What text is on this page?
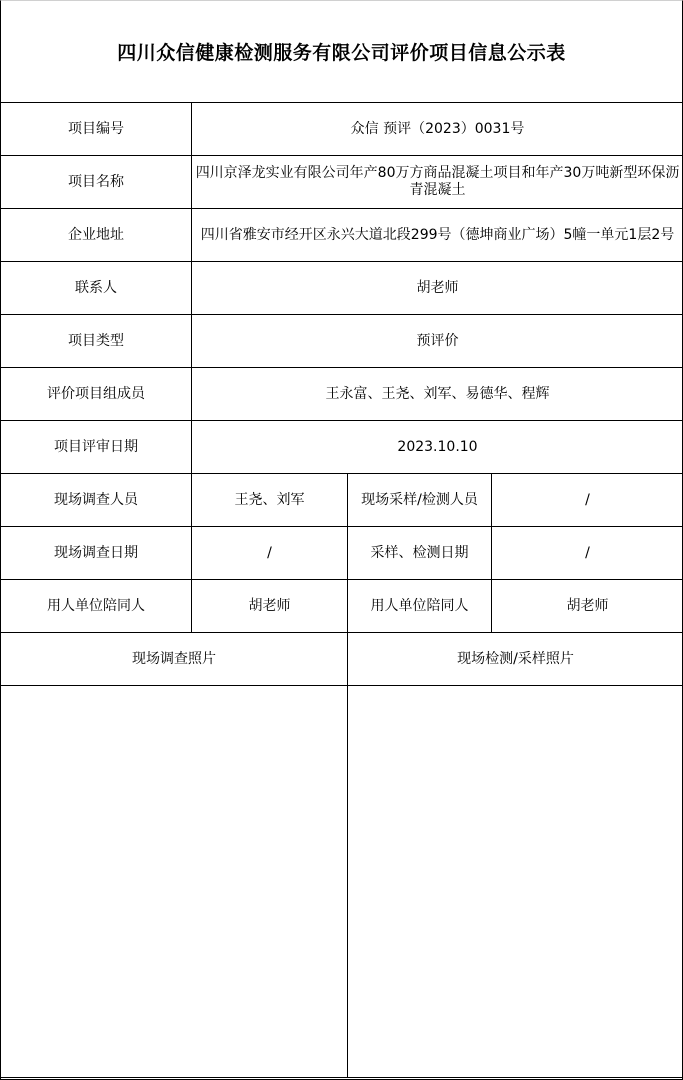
四川众信健康检测服务有限公司评价项目信息公示表
项目编号	众信 预评（2023）0031号		
项目名称	四川京泽龙实业有限公司年产80万方商品混凝土项目和年产30万吨新型环保沥青混凝土		
企业地址	四川省雅安市经开区永兴大道北段299号（德坤商业广场）5幢一单元1层2号		
联系人	胡老师		
项目类型	预评价		
评价项目组成员	王永富、王尧、刘军、易德华、程辉		
项目评审日期	2023.10.10		
现场调查人员	王尧、刘军	现场采样/检测人员	/
现场调查日期	/	采样、检测日期	/
用人单位陪同人	胡老师	用人单位陪同人	胡老师
现场调查照片		现场检测/采样照片	
